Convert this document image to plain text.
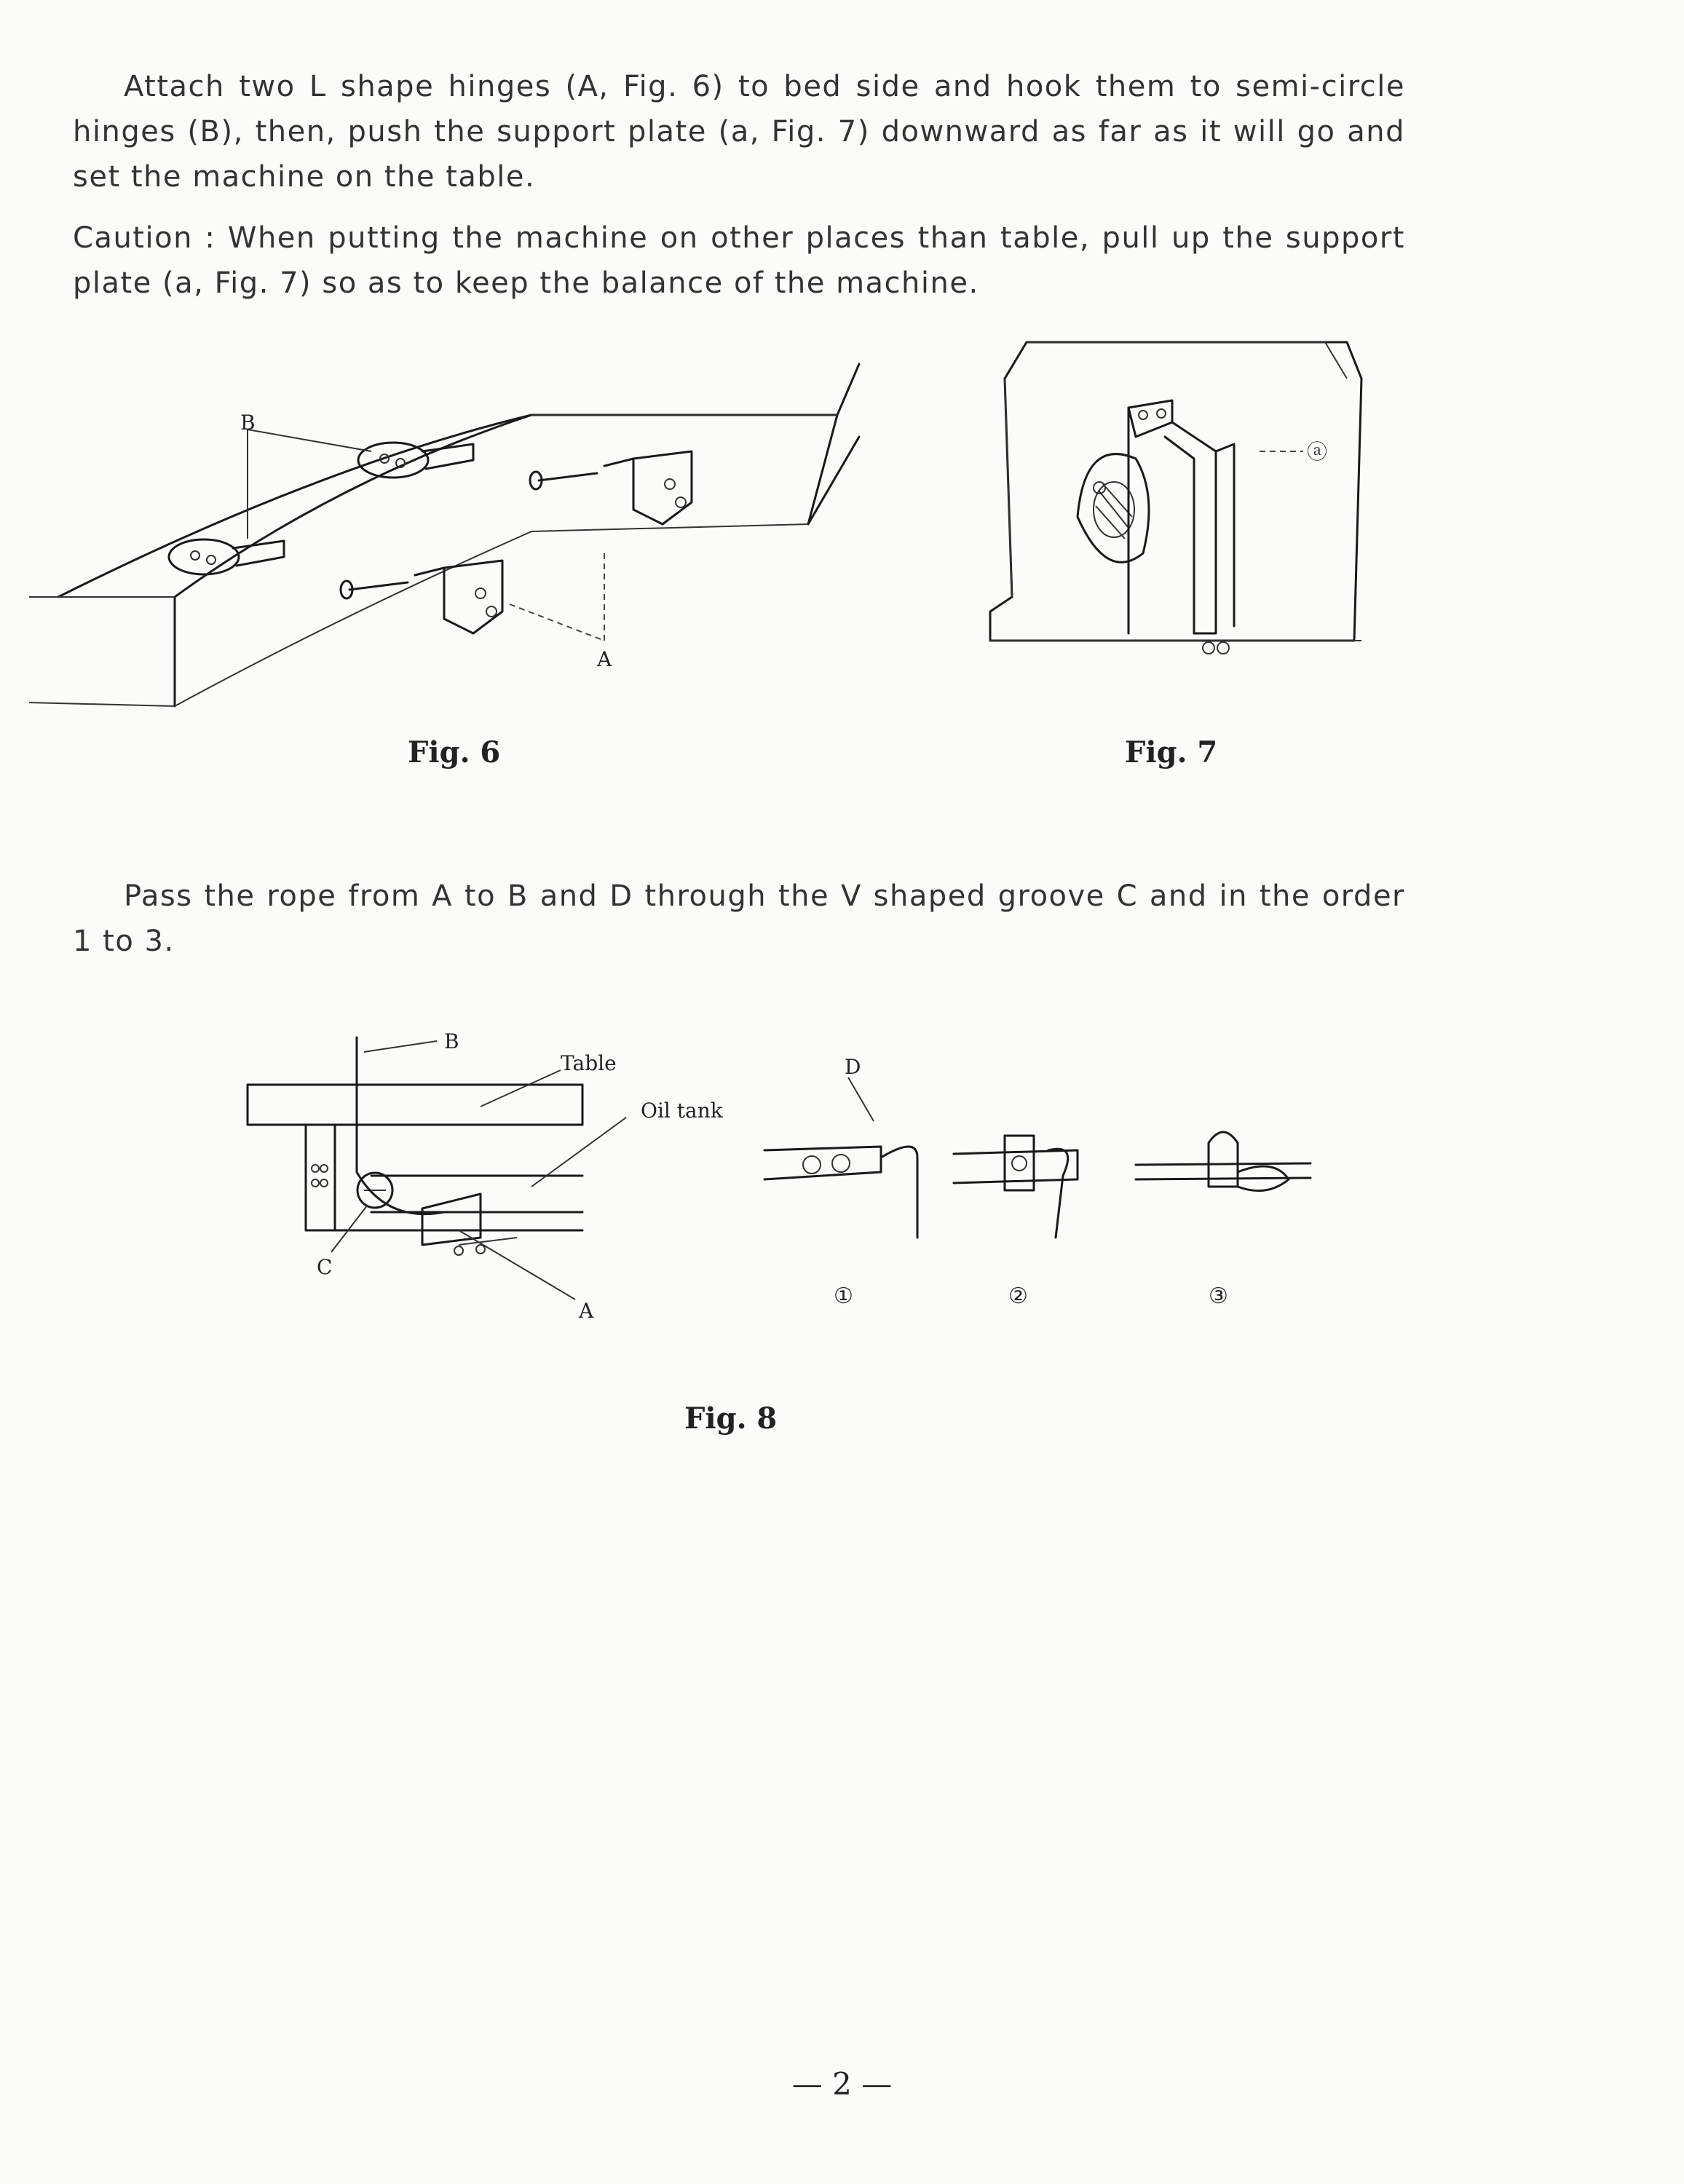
Attach two L shape hinges (A, Fig. 6) to bed side and hook them to semi-circle hinges (B), then, push the support plate (a, Fig. 7) downward as far as it will go and set the machine on the table.

Caution : When putting the machine on other places than table, pull up the support plate (a, Fig. 7) so as to keep the balance of the machine.

B
A
Fig. 6
ⓐ
Fig. 7

Pass the rope from A to B and D through the V shaped groove C and in the order 1 to 3.

B
Table
Oil tank
C
A
D
①	②	③
Fig. 8
— 2 —
